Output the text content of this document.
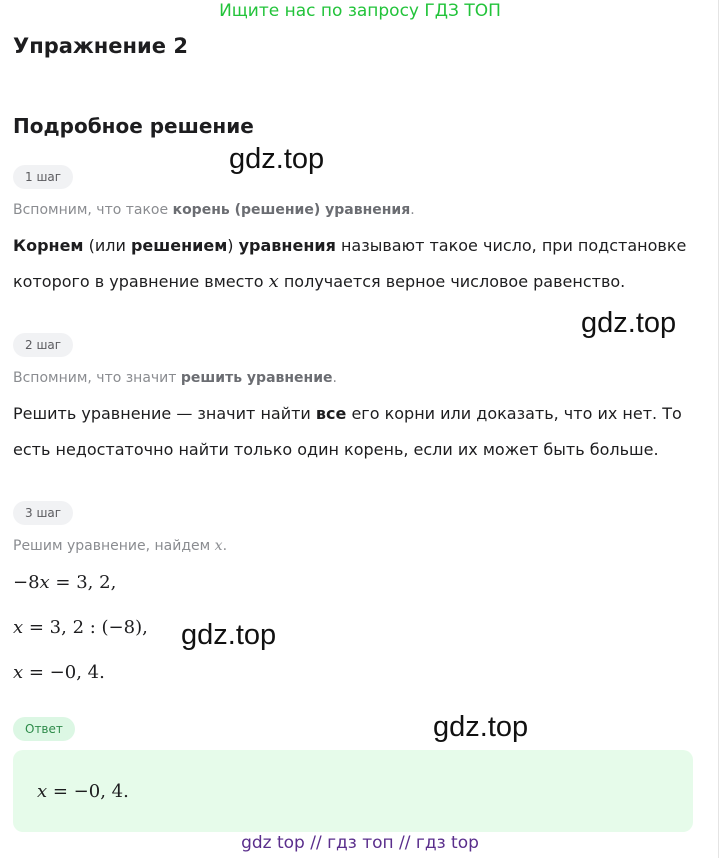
Ищите нас по запросу ГДЗ ТОП
Упражнение 2
Подробное решение
1 шаг
Вспомним, что такое корень (решение) уравнения.
Корнем (или решением) уравнения называют такое число, при подстановке
которого в уравнение вместо x получается верное числовое равенство.
2 шаг
Вспомним, что значит решить уравнение.
Решить уравнение — значит найти все его корни или доказать, что их нет. То
есть недостаточно найти только один корень, если их может быть больше.
3 шаг
Решим уравнение, найдем x.
−8x = 3, 2,
x = 3, 2 : (−8),
x = −0, 4.
Ответ
x = −0, 4.
gdz.top
gdz.top
gdz.top
gdz.top
gdz top // гдз топ // гдз top
